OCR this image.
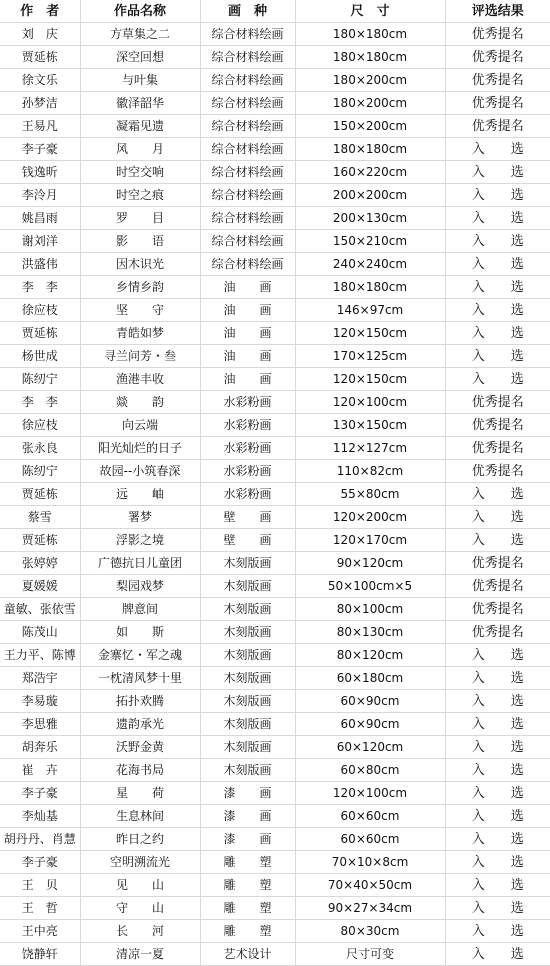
作　者	作品名称	画　种	尺　寸	评选结果
刘　庆	方草集之二	综合材料绘画	180×180cm	优秀提名
贾延栋	深空回想	综合材料绘画	180×180cm	优秀提名
徐文乐	与叶集	综合材料绘画	180×200cm	优秀提名
孙梦洁	徽泽韶华	综合材料绘画	180×200cm	优秀提名
王易凡	凝霜见遗	综合材料绘画	150×200cm	优秀提名
李子豪	风　　月	综合材料绘画	180×180cm	入　　选
钱逸昕	时空交响	综合材料绘画	160×220cm	入　　选
李泠月	时空之痕	综合材料绘画	200×200cm	入　　选
姚昌雨	罗　　目	综合材料绘画	200×130cm	入　　选
谢刘洋	影　　语	综合材料绘画	150×210cm	入　　选
洪盛伟	因木识光	综合材料绘画	240×240cm	入　　选
李　李	乡情乡韵	油　　画	180×180cm	入　　选
徐应枝	坚　　守	油　　画	146×97cm	入　　选
贾延栋	青皓如梦	油　　画	120×150cm	入　　选
杨世成	寻兰问芳・叁	油　　画	170×125cm	入　　选
陈纫宁	渔港丰收	油　　画	120×150cm	入　　选
李　李	燚　　韵	水彩粉画	120×100cm	优秀提名
徐应枝	向云端	水彩粉画	130×150cm	优秀提名
张永良	阳光灿烂的日子	水彩粉画	112×127cm	优秀提名
陈纫宁	故园--小筑春深	水彩粉画	110×82cm	优秀提名
贾延栋	远　　岫	水彩粉画	55×80cm	入　　选
蔡雪	署梦	壁　　画	120×200cm	入　　选
贾延栋	浮影之境	壁　　画	120×170cm	入　　选
张婷婷	广德抗日儿童团	木刻版画	90×120cm	优秀提名
夏媛媛	梨园戏梦	木刻版画	50×100cm×5	优秀提名
童敏、张依雪	牌意间	木刻版画	80×100cm	优秀提名
陈茂山	如　　斯	木刻版画	80×130cm	优秀提名
王力平、陈博	金寨忆・军之魂	木刻版画	80×120cm	入　　选
郑浩宇	一枕清风梦十里	木刻版画	60×180cm	入　　选
李易璇	拓扑欢腾	木刻版画	60×90cm	入　　选
李思雅	遗韵承光	木刻版画	60×90cm	入　　选
胡奔乐	沃野金黄	木刻版画	60×120cm	入　　选
崔　卉	花海书局	木刻版画	60×80cm	入　　选
李子豪	星　　荷	漆　　画	120×100cm	入　　选
李灿基	生息林间	漆　　画	60×60cm	入　　选
胡丹丹、肖慧	昨日之约	漆　　画	60×60cm	入　　选
李子豪	空明溯流光	雕　　塑	70×10×8cm	入　　选
王　贝	见　　山	雕　　塑	70×40×50cm	入　　选
王　哲	守　　山	雕　　塑	90×27×34cm	入　　选
王中亮	长　　河	雕　　塑	80×30cm	入　　选
饶静轩	清凉一夏	艺术设计	尺寸可变	入　　选
